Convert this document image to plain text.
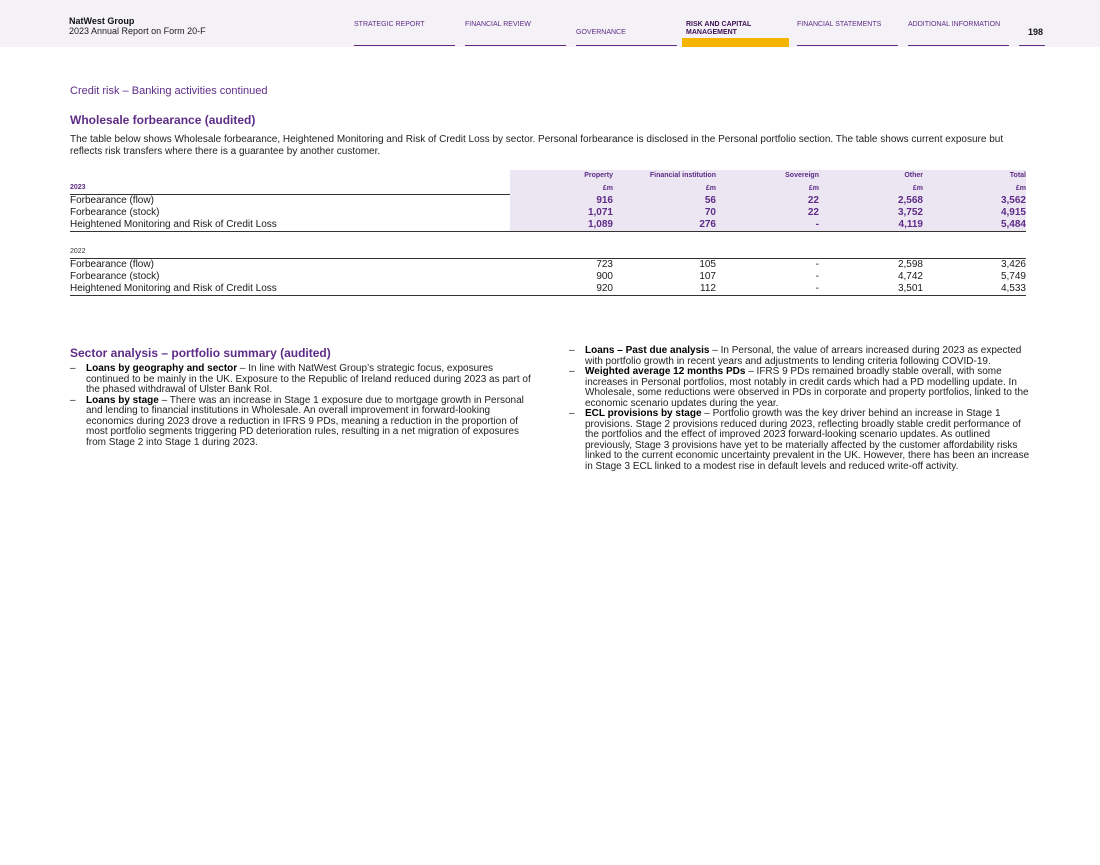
NatWest Group
2023 Annual Report on Form 20-F
STRATEGIC REPORT	FINANCIAL REVIEW
GOVERNANCE
RISK AND CAPITAL MANAGEMENT
FINANCIAL STATEMENTS	ADDITIONAL INFORMATION
198
Credit risk – Banking activities continued
Wholesale forbearance (audited)
The table below shows Wholesale forbearance, Heightened Monitoring and Risk of Credit Loss by sector. Personal forbearance is disclosed in the Personal portfolio section. The table shows current exposure but reflects risk transfers where there is a guarantee by another customer.
	Property	Financial institution	Sovereign	Other	Total
2023	£m	£m	£m	£m	£m
Forbearance (flow)	916	56	22	2,568	3,562
Forbearance (stock)	1,071	70	22	3,752	4,915
Heightened Monitoring and Risk of Credit Loss	1,089	276	-	4,119	5,484

2022					
Forbearance (flow)	723	105	-	2,598	3,426
Forbearance (stock)	900	107	-	4,742	5,749
Heightened Monitoring and Risk of Credit Loss	920	112	-	3,501	4,533
Sector analysis – portfolio summary (audited)
– Loans by geography and sector – In line with NatWest Group’s strategic focus, exposures continued to be mainly in the UK. Exposure to the Republic of Ireland reduced during 2023 as part of the phased withdrawal of Ulster Bank RoI.
– Loans by stage – There was an increase in Stage 1 exposure due to mortgage growth in Personal and lending to financial institutions in Wholesale. An overall improvement in forward-looking economics during 2023 drove a reduction in IFRS 9 PDs, meaning a reduction in the proportion of most portfolio segments triggering PD deterioration rules, resulting in a net migration of exposures from Stage 2 into Stage 1 during 2023.
– Loans – Past due analysis – In Personal, the value of arrears increased during 2023 as expected with portfolio growth in recent years and adjustments to lending criteria following COVID-19.
– Weighted average 12 months PDs – IFRS 9 PDs remained broadly stable overall, with some increases in Personal portfolios, most notably in credit cards which had a PD modelling update. In Wholesale, some reductions were observed in PDs in corporate and property portfolios, linked to the economic scenario updates during the year.
– ECL provisions by stage – Portfolio growth was the key driver behind an increase in Stage 1 provisions. Stage 2 provisions reduced during 2023, reflecting broadly stable credit performance of the portfolios and the effect of improved 2023 forward-looking scenario updates. As outlined previously, Stage 3 provisions have yet to be materially affected by the customer affordability risks linked to the current economic uncertainty prevalent in the UK. However, there has been an increase in Stage 3 ECL linked to a modest rise in default levels and reduced write-off activity.
